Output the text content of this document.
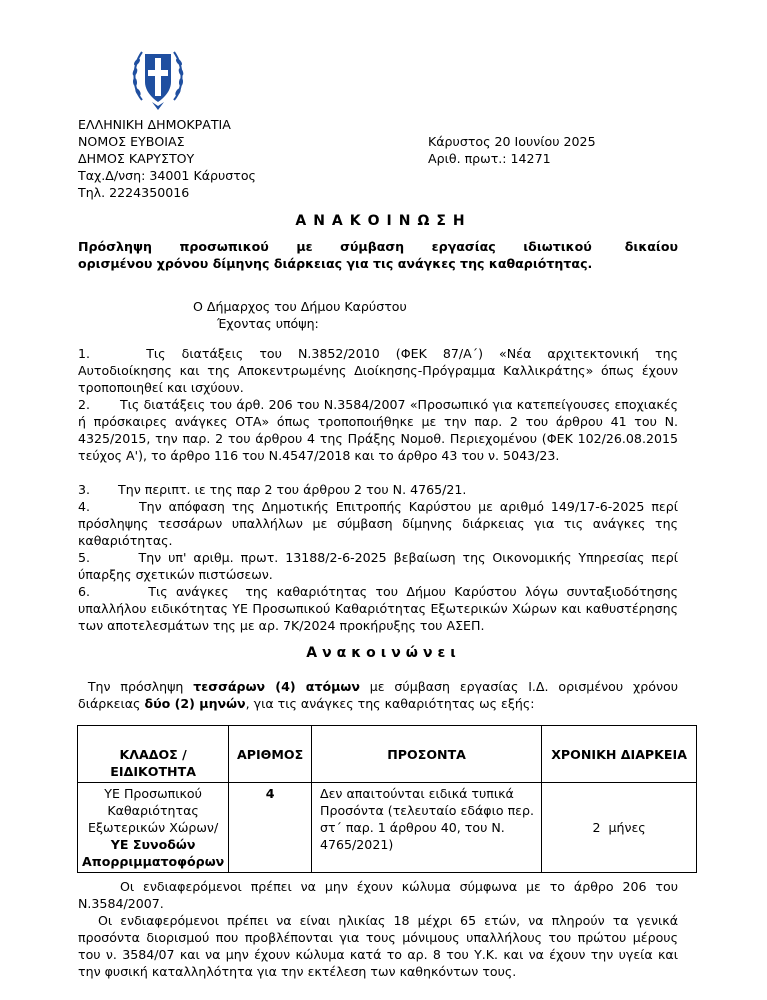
ΕΛΛΗΝΙΚΗ ΔΗΜΟΚΡΑΤΙΑ
ΝΟΜΟΣ ΕΥΒΟΙΑΣ
ΔΗΜΟΣ ΚΑΡΥΣΤΟΥ
Ταχ.Δ/νση: 34001 Κάρυστος
Τηλ. 2224350016
Κάρυστος 20 Ιουνίου 2025
Αριθ. πρωτ.: 14271
ΑΝΑΚΟΙΝΩΣΗ
Πρόσληψη     προσωπικού     με     σύμβαση     εργασίας     ιδιωτικού      δικαίου
ορισμένου χρόνου δίμηνης διάρκειας για τις ανάγκες της καθαριότητας.
Ο Δήμαρχος του Δήμου Καρύστου
Έχοντας υπόψη:
1.       Τις  διατάξεις  του  Ν.3852/2010  (ΦΕΚ  87/Α΄)  «Νέα  αρχιτεκτονική  της Αυτοδιοίκησης και της Αποκεντρωμένης Διοίκησης-Πρόγραμμα Καλλικράτης» όπως έχουν τροποποιηθεί και ισχύουν.
2.       Τις διατάξεις του άρθ. 206 του Ν.3584/2007 «Προσωπικό για κατεπείγουσες εποχιακές ή πρόσκαιρες ανάγκες ΟΤΑ» όπως τροποποιήθηκε με την παρ. 2 του άρθρου 41 του Ν. 4325/2015, την παρ. 2 του άρθρου 4 της Πράξης Νομοθ. Περιεχομένου (ΦΕΚ 102/26.08.2015 τεύχος Α'), το άρθρο 116 του Ν.4547/2018 και το άρθρο 43 του ν. 5043/23.
3.       Την περιπτ. ιε της παρ 2 του άρθρου 2 του Ν. 4765/21.
4.       Την απόφαση της Δημοτικής Επιτροπής Καρύστου με αριθμό 149/17-6-2025 περί πρόσληψης τεσσάρων υπαλλήλων με σύμβαση δίμηνης διάρκειας για τις ανάγκες της καθαριότητας.
5.       Την υπ' αριθμ. πρωτ. 13188/2-6-2025 βεβαίωση της Οικονομικής Υπηρεσίας περί ύπαρξης σχετικών πιστώσεων.
6.       Τις ανάγκες  της καθαριότητας του Δήμου Καρύστου λόγω συνταξιοδότησης υπαλλήλου ειδικότητας ΥΕ Προσωπικού Καθαριότητας Εξωτερικών Χώρων και καθυστέρησης των αποτελεσμάτων της με αρ. 7Κ/2024 προκήρυξης του ΑΣΕΠ.
Ανακοινώνει
Την πρόσληψη τεσσάρων (4) ατόμων με σύμβαση εργασίας Ι.Δ. ορισμένου χρόνου διάρκειας δύο (2) μηνών, για τις ανάγκες της καθαριότητας ως εξής:
ΚΛΑΔΟΣ / ΕΙΔΙΚΟΤΗΤΑ	ΑΡΙΘΜΟΣ	ΠΡΟΣΟΝΤΑ	ΧΡΟΝΙΚΗ ΔΙΑΡΚΕΙΑ
ΥΕ Προσωπικού Καθαριότητας Εξωτερικών Χώρων/
ΥΕ Συνοδών Απορριμματοφόρων	4	Δεν απαιτούνται ειδικά τυπικά Προσόντα (τελευταίο εδάφιο περ. στ΄ παρ. 1 άρθρου 40, του Ν. 4765/2021)	2  μήνες
Οι ενδιαφερόμενοι πρέπει να μην έχουν κώλυμα σύμφωνα με το άρθρο 206 του Ν.3584/2007.
Οι ενδιαφερόμενοι πρέπει να είναι ηλικίας 18 μέχρι 65 ετών, να πληρούν τα γενικά προσόντα διορισμού που προβλέπονται για τους μόνιμους υπαλλήλους του πρώτου μέρους του ν. 3584/07 και να μην έχουν κώλυμα κατά το αρ. 8 του Υ.Κ. και να έχουν την υγεία και την φυσική καταλληλότητα για την εκτέλεση των καθηκόντων τους.
